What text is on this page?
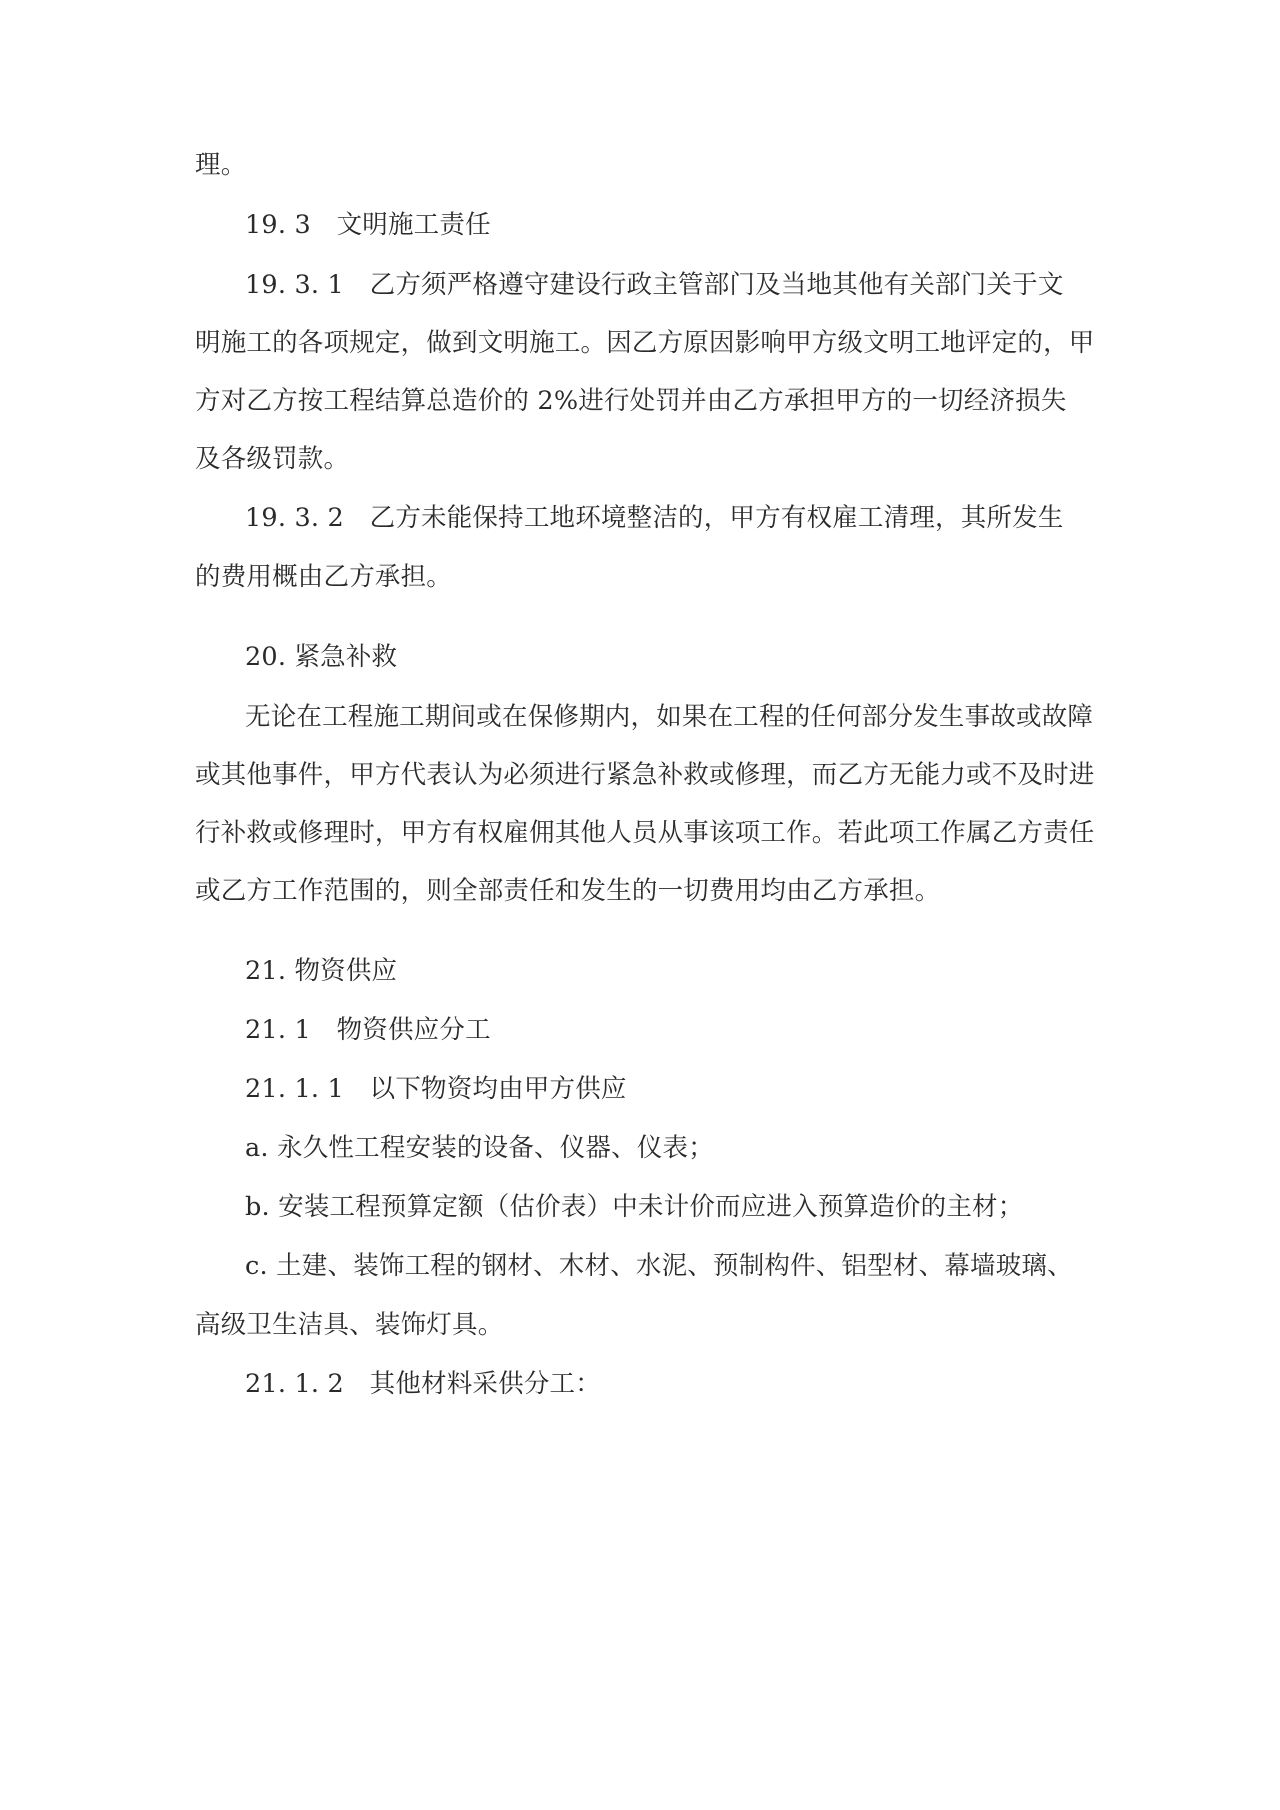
理。
19. 3　文明施工责任
19. 3. 1　乙方须严格遵守建设行政主管部门及当地其他有关部门关于文
明施工的各项规定，做到文明施工。因乙方原因影响甲方级文明工地评定的，甲
方对乙方按工程结算总造价的 2%进行处罚并由乙方承担甲方的一切经济损失
及各级罚款。
19. 3. 2　乙方未能保持工地环境整洁的，甲方有权雇工清理，其所发生
的费用概由乙方承担。
20. 紧急补救
无论在工程施工期间或在保修期内，如果在工程的任何部分发生事故或故障
或其他事件，甲方代表认为必须进行紧急补救或修理，而乙方无能力或不及时进
行补救或修理时，甲方有权雇佣其他人员从事该项工作。若此项工作属乙方责任
或乙方工作范围的，则全部责任和发生的一切费用均由乙方承担。
21. 物资供应
21. 1　物资供应分工
21. 1. 1　以下物资均由甲方供应
a. 永久性工程安装的设备、仪器、仪表；
b. 安装工程预算定额（估价表）中未计价而应进入预算造价的主材；
c. 土建、装饰工程的钢材、木材、水泥、预制构件、铝型材、幕墙玻璃、
高级卫生洁具、装饰灯具。
21. 1. 2　其他材料采供分工：
